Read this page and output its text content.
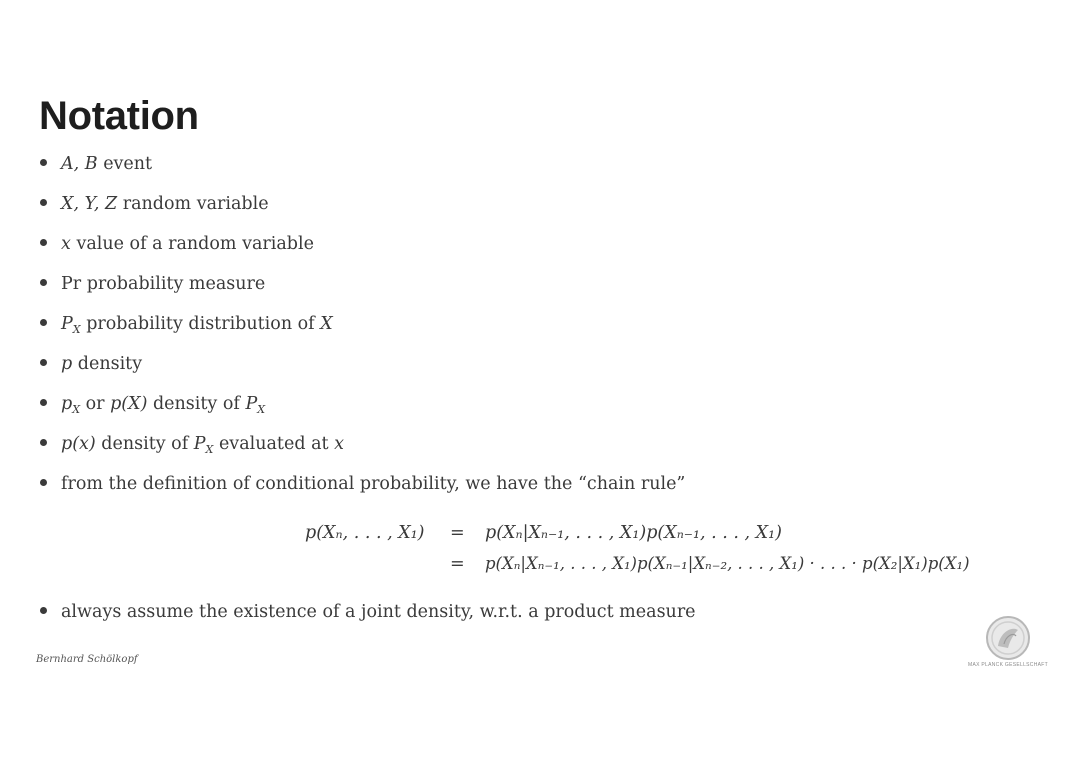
Notation
A, B event
X, Y, Z random variable
x value of a random variable
Pr probability measure
$P_X$ probability distribution of X
p density
$p_X$ or p(X) density of $P_X$
p(x) density of $P_X$ evaluated at x
from the definition of conditional probability, we have the “chain rule”
always assume the existence of a joint density, w.r.t. a product measure
p(Xₙ, . . . , X₁) = p(Xₙ|Xₙ₋₁, . . . , X₁)p(Xₙ₋₁, . . . , X₁)
= p(Xₙ|Xₙ₋₁, . . . , X₁)p(Xₙ₋₁|Xₙ₋₂, . . . , X₁) · . . . · p(X₂|X₁)p(X₁)
Bernhard Schölkopf	MAX PLANCK GESELLSCHAFT
